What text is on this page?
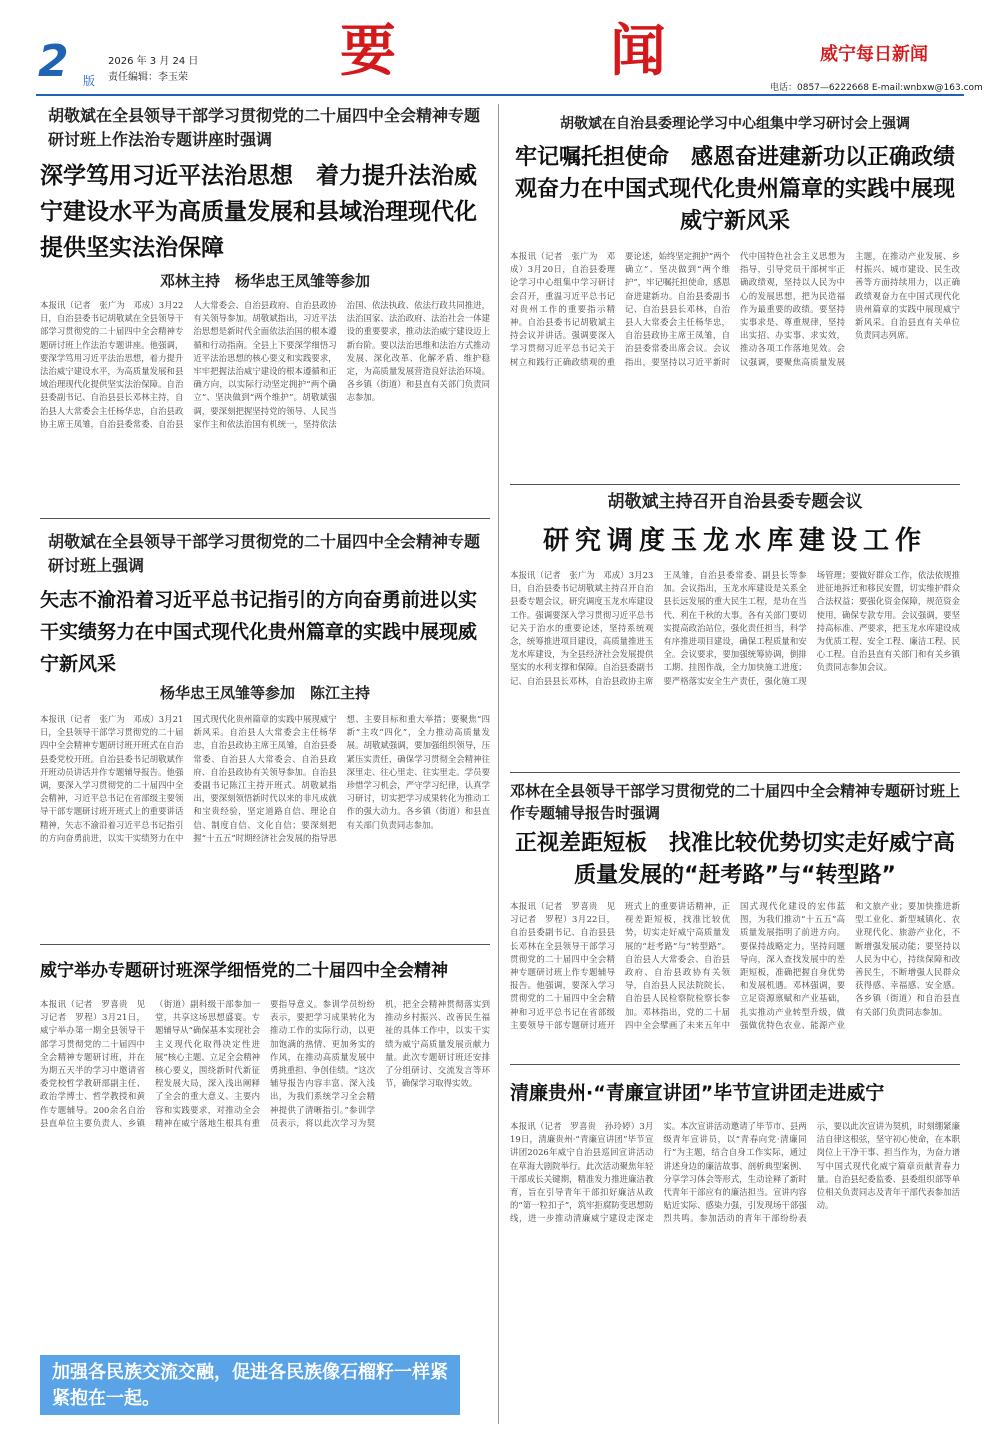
2 版
2026 年 3 月 24 日
责任编辑：李玉荣	要	闻	威宁每日新闻
电话：0857—6222668 E-mail:wnbxw@163.com
胡敬斌在全县领导干部学习贯彻党的二十届四中全会精神专题研讨班上作法治专题讲座时强调
深学笃用习近平法治思想　着力提升法治威宁建设水平为高质量发展和县域治理现代化提供坚实法治保障
邓林主持　杨华忠王凤雏等参加
本报讯（记者　张广为　邓成）3月22日，自治县委书记胡敬斌在全县领导干部学习贯彻党的二十届四中全会精神专题研讨班上作法治专题讲座。他强调，要深学笃用习近平法治思想，着力提升法治威宁建设水平，为高质量发展和县域治理现代化提供坚实法治保障。自治县委副书记、自治县县长邓林主持，自治县人大常委会主任杨华忠，自治县政协主席王凤雏，自治县委常委、自治县人大常委会、自治县政府、自治县政协有关领导参加。胡敬斌指出，习近平法治思想是新时代全面依法治国的根本遵循和行动指南。全县上下要深学细悟习近平法治思想的核心要义和实践要求，牢牢把握法治威宁建设的根本遵循和正确方向，以实际行动坚定拥护“两个确立”、坚决做到“两个维护”。胡敬斌强调，要深刻把握坚持党的领导、人民当家作主和依法治国有机统一，坚持依法治国、依法执政、依法行政共同推进，法治国家、法治政府、法治社会一体建设的重要要求，推动法治威宁建设迈上新台阶。要以法治思维和法治方式推动发展、深化改革、化解矛盾、维护稳定，为高质量发展营造良好法治环境。各乡镇（街道）和县直有关部门负责同志参加。
胡敬斌在自治县委理论学习中心组集中学习研讨会上强调
牢记嘱托担使命　感恩奋进建新功以正确政绩观奋力在中国式现代化贵州篇章的实践中展现威宁新风采
本报讯（记者　张广为　邓成）3月20日，自治县委理论学习中心组集中学习研讨会召开，重温习近平总书记对贵州工作的重要指示精神。自治县委书记胡敬斌主持会议并讲话。强调要深入学习贯彻习近平总书记关于树立和践行正确政绩观的重要论述，始终坚定拥护“两个确立”、坚决做到“两个维护”，牢记嘱托担使命，感恩奋进建新功。自治县委副书记、自治县县长邓林，自治县人大常委会主任杨华忠，自治县政协主席王凤雏，自治县委常委出席会议。会议指出，要坚持以习近平新时代中国特色社会主义思想为指导，引导党员干部树牢正确政绩观，坚持以人民为中心的发展思想，把为民造福作为最重要的政绩。要坚持实事求是、尊重规律，坚持出实招、办实事、求实效，推动各项工作落地见效。会议强调，要聚焦高质量发展主题，在推动产业发展、乡村振兴、城市建设、民生改善等方面持续用力，以正确政绩观奋力在中国式现代化贵州篇章的实践中展现威宁新风采。自治县直有关单位负责同志列席。
胡敬斌主持召开自治县委专题会议
研究调度玉龙水库建设工作
本报讯（记者　张广为　邓成）3月23日，自治县委书记胡敬斌主持召开自治县委专题会议，研究调度玉龙水库建设工作。强调要深入学习贯彻习近平总书记关于治水的重要论述，坚持系统观念，统筹推进项目建设，高质量推进玉龙水库建设，为全县经济社会发展提供坚实的水利支撑和保障。自治县委副书记、自治县县长邓林，自治县政协主席王凤雏，自治县委常委、副县长等参加。会议指出，玉龙水库建设是关系全县长远发展的重大民生工程，是功在当代、利在千秋的大事。各有关部门要切实提高政治站位，强化责任担当，科学有序推进项目建设，确保工程质量和安全。会议要求，要加强统筹协调，倒排工期、挂图作战，全力加快施工进度；要严格落实安全生产责任，强化施工现场管理；要做好群众工作，依法依规推进征地拆迁和移民安置，切实维护群众合法权益；要强化资金保障，规范资金使用，确保专款专用。会议强调，要坚持高标准、严要求，把玉龙水库建设成为优质工程、安全工程、廉洁工程、民心工程。自治县直有关部门和有关乡镇负责同志参加会议。
胡敬斌在全县领导干部学习贯彻党的二十届四中全会精神专题研讨班上强调
矢志不渝沿着习近平总书记指引的方向奋勇前进以实干实绩努力在中国式现代化贵州篇章的实践中展现威宁新风采
杨华忠王凤雏等参加　陈江主持
本报讯（记者　张广为　邓成）3月21日，全县领导干部学习贯彻党的二十届四中全会精神专题研讨班开班式在自治县委党校开班。自治县委书记胡敬斌作开班动员讲话并作专题辅导报告。他强调，要深入学习贯彻党的二十届四中全会精神，习近平总书记在省部级主要领导干部专题研讨班开班式上的重要讲话精神，矢志不渝沿着习近平总书记指引的方向奋勇前进，以实干实绩努力在中国式现代化贵州篇章的实践中展现威宁新风采。自治县人大常委会主任杨华忠，自治县政协主席王凤雏，自治县委常委、自治县人大常委会、自治县政府、自治县政协有关领导参加。自治县委副书记陈江主持开班式。胡敬斌指出，要深刻领悟新时代以来的非凡成就和宝贵经验，坚定道路自信、理论自信、制度自信、文化自信；要深刻把握“十五五”时期经济社会发展的指导思想、主要目标和重大举措；要聚焦“四新”主攻“四化”，全力推动高质量发展。胡敬斌强调，要加强组织领导，压紧压实责任，确保学习贯彻全会精神往深里走、往心里走、往实里走。学员要珍惜学习机会，严守学习纪律，认真学习研讨，切实把学习成果转化为推动工作的强大动力。各乡镇（街道）和县直有关部门负责同志参加。
邓林在全县领导干部学习贯彻党的二十届四中全会精神专题研讨班上作专题辅导报告时强调
正视差距短板　找准比较优势切实走好威宁高质量发展的“赶考路”与“转型路”
本报讯（记者　罗喜贵　见习记者　罗程）3月22日，自治县委副书记、自治县县长邓林在全县领导干部学习贯彻党的二十届四中全会精神专题研讨班上作专题辅导报告。他强调，要深入学习贯彻党的二十届四中全会精神和习近平总书记在省部级主要领导干部专题研讨班开班式上的重要讲话精神，正视差距短板，找准比较优势，切实走好威宁高质量发展的“赶考路”与“转型路”。自治县人大常委会、自治县政府、自治县政协有关领导，自治县人民法院院长、自治县人民检察院检察长参加。邓林指出，党的二十届四中全会擘画了未来五年中国式现代化建设的宏伟蓝图，为我们推动“十五五”高质量发展指明了前进方向。要保持战略定力，坚持问题导向，深入查找发展中的差距短板，准确把握自身优势和发展机遇。邓林强调，要立足资源禀赋和产业基础，扎实推动产业转型升级，做强做优特色农业、能源产业和文旅产业；要加快推进新型工业化、新型城镇化、农业现代化、旅游产业化，不断增强发展动能；要坚持以人民为中心，持续保障和改善民生，不断增强人民群众获得感、幸福感、安全感。各乡镇（街道）和自治县直有关部门负责同志参加。
威宁举办专题研讨班深学细悟党的二十届四中全会精神
本报讯（记者　罗喜贵　见习记者　罗程）3月21日，威宁举办第一期全县领导干部学习贯彻党的二十届四中全会精神专题研讨班，并在为期五天半的学习中邀请省委党校哲学教研部副主任、政治学博士、哲学教授和黄作专题辅导。200余名自治县直单位主要负责人、乡镇（街道）副科级干部参加一堂，共享这场思想盛宴。专题辅导从“确保基本实现社会主义现代化取得决定性进展”核心主题、立足全会精神核心要义，围绕新时代新征程发展大局，深入浅出阐释了全会的重大意义、主要内容和实践要求，对推动全会精神在威宁落地生根具有重要指导意义。参训学员纷纷表示，要把学习成果转化为推动工作的实际行动，以更加饱满的热情、更加务实的作风，在推动高质量发展中勇挑重担、争创佳绩。“这次辅导报告内容丰富、深入浅出，为我们系统学习全会精神提供了清晰指引。”参训学员表示，将以此次学习为契机，把全会精神贯彻落实到推动乡村振兴、改善民生福祉的具体工作中，以实干实绩为威宁高质量发展贡献力量。此次专题研讨班还安排了分组研讨、交流发言等环节，确保学习取得实效。	清廉贵州·“青廉宣讲团”毕节宣讲团走进威宁
本报讯（记者　罗喜贵　孙玲婷）3月19日，清廉贵州·“青廉宣讲团”毕节宣讲团2026年威宁自治县巡回宣讲活动在草海大剧院举行。此次活动聚焦年轻干部成长关键期，精准发力推进廉洁教育，旨在引导青年干部扣好廉洁从政的“第一粒扣子”，筑牢拒腐防变思想防线，进一步推动清廉威宁建设走深走实。本次宣讲活动邀请了毕节市、县两级青年宣讲员，以“青春向党·清廉同行”为主题，结合自身工作实际，通过讲述身边的廉洁故事、剖析典型案例、分享学习体会等形式，生动诠释了新时代青年干部应有的廉洁担当。宣讲内容贴近实际、感染力强，引发现场干部强烈共鸣。参加活动的青年干部纷纷表示，要以此次宣讲为契机，时刻绷紧廉洁自律这根弦，坚守初心使命，在本职岗位上干净干事、担当作为，为奋力谱写中国式现代化威宁篇章贡献青春力量。自治县纪委监委、县委组织部等单位相关负责同志及青年干部代表参加活动。
加强各民族交流交融，促进各民族像石榴籽一样紧紧抱在一起。
